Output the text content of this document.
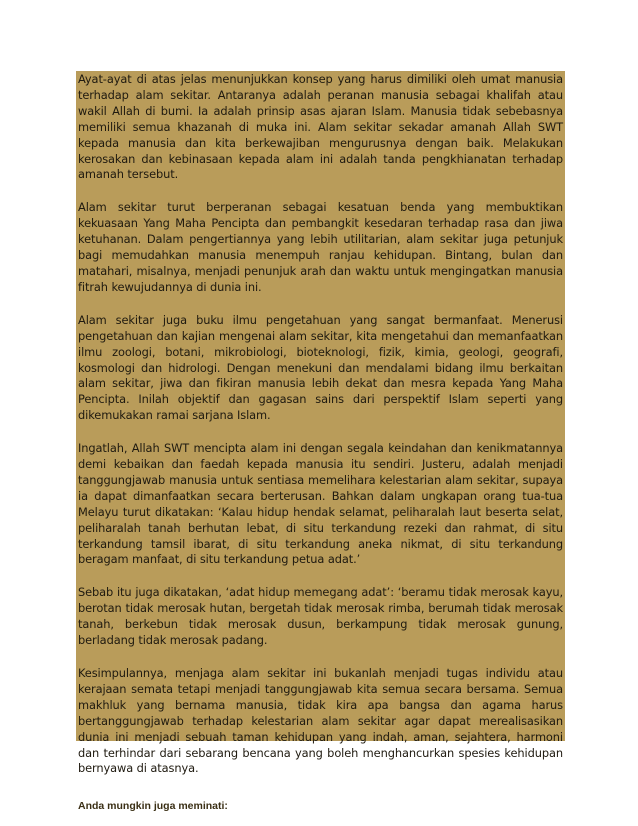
Ayat-ayat di atas jelas menunjukkan konsep yang harus dimiliki oleh umat manusia terhadap alam sekitar. Antaranya adalah peranan manusia sebagai khalifah atau wakil Allah di bumi. Ia adalah prinsip asas ajaran Islam. Manusia tidak sebebasnya memiliki semua khazanah di muka ini. Alam sekitar sekadar amanah Allah SWT kepada manusia dan kita berkewajiban mengurusnya dengan baik. Melakukan kerosakan dan kebinasaan kepada alam ini adalah tanda pengkhianatan terhadap amanah tersebut.

Alam sekitar turut berperanan sebagai kesatuan benda yang membuktikan kekuasaan Yang Maha Pencipta dan pembangkit kesedaran terhadap rasa dan jiwa ketuhanan. Dalam pengertiannya yang lebih utilitarian, alam sekitar juga petunjuk bagi memudahkan manusia menempuh ranjau kehidupan. Bintang, bulan dan matahari, misalnya, menjadi penunjuk arah dan waktu untuk mengingatkan manusia fitrah kewujudannya di dunia ini.

Alam sekitar juga buku ilmu pengetahuan yang sangat bermanfaat. Menerusi pengetahuan dan kajian mengenai alam sekitar, kita mengetahui dan memanfaatkan ilmu zoologi, botani, mikrobiologi, bioteknologi, fizik, kimia, geologi, geografi, kosmologi dan hidrologi. Dengan menekuni dan mendalami bidang ilmu berkaitan alam sekitar, jiwa dan fikiran manusia lebih dekat dan mesra kepada Yang Maha Pencipta. Inilah objektif dan gagasan sains dari perspektif Islam seperti yang dikemukakan ramai sarjana Islam.

Ingatlah, Allah SWT mencipta alam ini dengan segala keindahan dan kenikmatannya demi kebaikan dan faedah kepada manusia itu sendiri. Justeru, adalah menjadi tanggungjawab manusia untuk sentiasa memelihara kelestarian alam sekitar, supaya ia dapat dimanfaatkan secara berterusan. Bahkan dalam ungkapan orang tua-tua Melayu turut dikatakan: ‘Kalau hidup hendak selamat, peliharalah laut beserta selat, peliharalah tanah berhutan lebat, di situ terkandung rezeki dan rahmat, di situ terkandung tamsil ibarat, di situ terkandung aneka nikmat, di situ terkandung beragam manfaat, di situ terkandung petua adat.’

Sebab itu juga dikatakan, ‘adat hidup memegang adat’: ‘beramu tidak merosak kayu, berotan tidak merosak hutan, bergetah tidak merosak rimba, berumah tidak merosak tanah, berkebun tidak merosak dusun, berkampung tidak merosak gunung, berladang tidak merosak padang.

Kesimpulannya, menjaga alam sekitar ini bukanlah menjadi tugas individu atau kerajaan semata tetapi menjadi tanggungjawab kita semua secara bersama. Semua makhluk yang bernama manusia, tidak kira apa bangsa dan agama harus bertanggungjawab terhadap kelestarian alam sekitar agar dapat merealisasikan dunia ini menjadi sebuah taman kehidupan yang indah, aman, sejahtera, harmoni dan terhindar dari sebarang bencana yang boleh menghancurkan spesies kehidupan bernyawa di atasnya.

Anda mungkin juga meminati:
